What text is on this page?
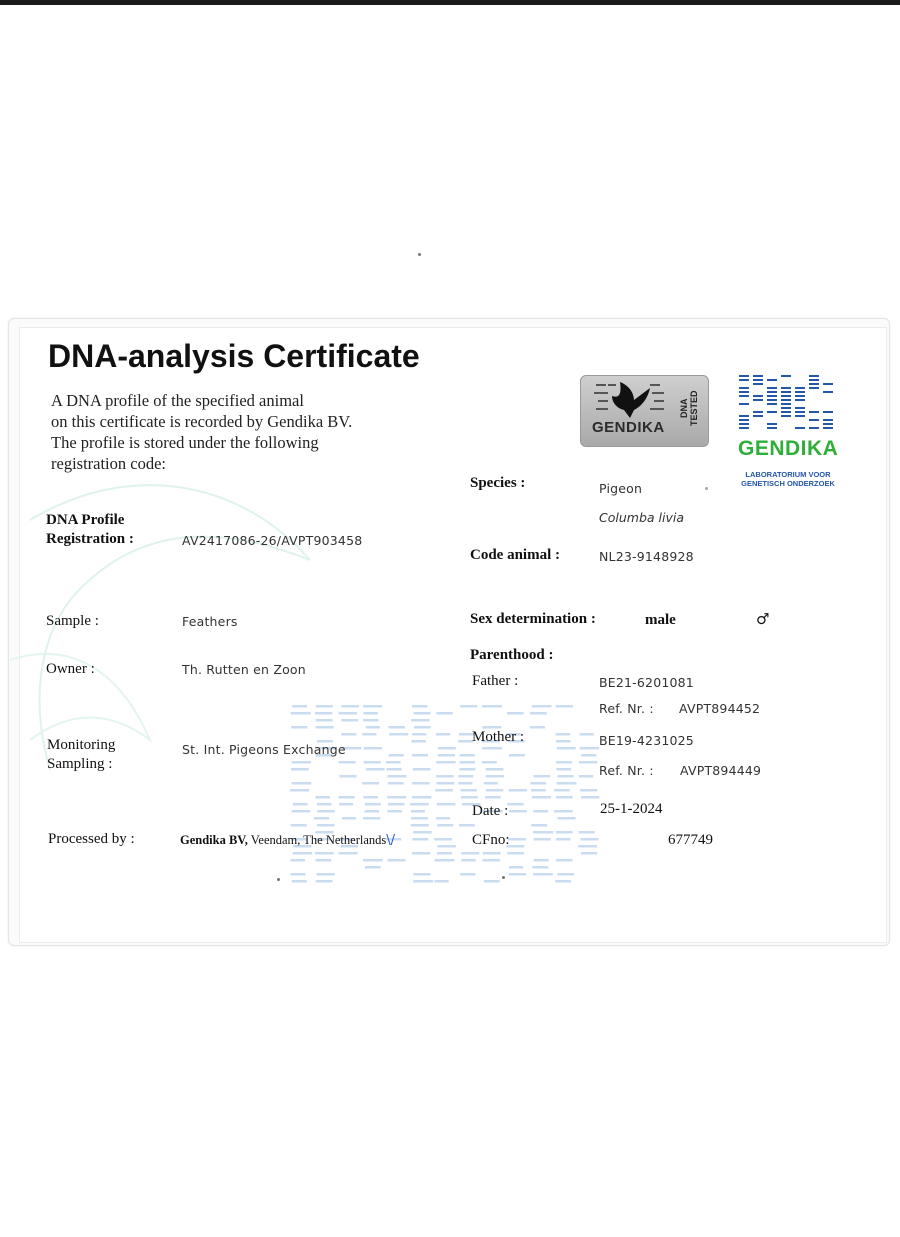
DNA-analysis Certificate
A DNA profile of the specified animal
on this certificate is recorded by Gendika BV.
The profile is stored under the following
registration code:
GENDIKA
DNA TESTED
GENDIKA
LABORATORIUM VOOR
GENETISCH ONDERZOEK
DNA Profile
Registration :	AV2417086-26/AVPT903458
Sample :	Feathers
Owner :	Th. Rutten en Zoon
Monitoring
Sampling :
St. Int. Pigeons Exchange
Processed by :	Gendika BV, Veendam, The Netherlands\/
Species :	Pigeon
Columba livia
Code animal :	NL23-9148928
Sex determination :	male	♂
Parenthood :
Father :	BE21-6201081
Ref. Nr. : AVPT894452
Mother :	BE19-4231025
Ref. Nr. : AVPT894449
Date :	25-1-2024
CFno:	677749
